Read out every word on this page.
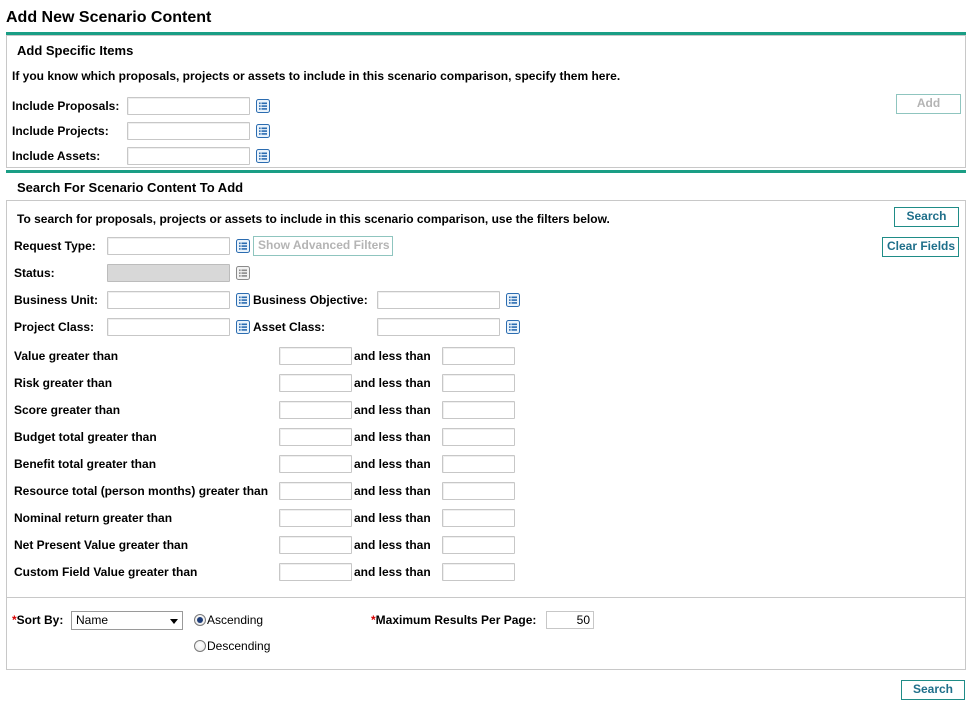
Add New Scenario Content
Add Specific Items
If you know which proposals, projects or assets to include in this scenario comparison, specify them here.
Include Proposals:
Include Projects:
Include Assets:
Add
Search For Scenario Content To Add
To search for proposals, projects or assets to include in this scenario comparison, use the filters below.	Search
Clear Fields
Request Type:	Show Advanced Filters
Status:
Business Unit:	Business Objective:
Project Class:	Asset Class:
Value greater than	and less than
Risk greater than	and less than
Score greater than	and less than
Budget total greater than	and less than
Benefit total greater than	and less than
Resource total (person months) greater than	and less than
Nominal return greater than	and less than
Net Present Value greater than	and less than
Custom Field Value greater than	and less than
*Sort By:	Name	Ascending
Descending
*Maximum Results Per Page:	50
Search
